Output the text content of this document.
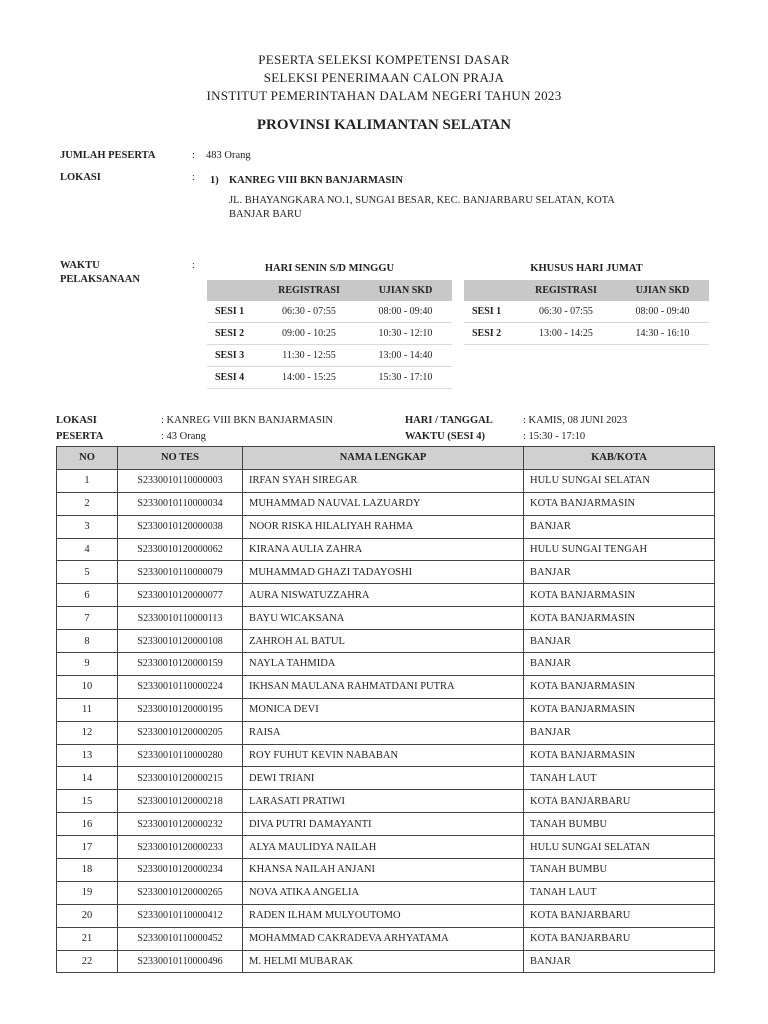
PESERTA SELEKSI KOMPETENSI DASAR
SELEKSI PENERIMAAN CALON PRAJA
INSTITUT PEMERINTAHAN DALAM NEGERI TAHUN 2023
PROVINSI KALIMANTAN SELATAN
JUMLAH PESERTA	: 483 Orang
LOKASI	: 1) KANREG VIII BKN BANJARMASIN
JL. BHAYANGKARA NO.1, SUNGAI BESAR, KEC. BANJARBARU SELATAN, KOTA
BANJAR BARU
WAKTU
PELAKSANAAN
:	HARI SENIN S/D MINGGU
	REGISTRASI	UJIAN SKD
SESI 1	06:30 - 07:55	08:00 - 09:40
SESI 2	09:00 - 10:25	10:30 - 12:10
SESI 3	11:30 - 12:55	13:00 - 14:40
SESI 4	14:00 - 15:25	15:30 - 17:10
KHUSUS HARI JUMAT
	REGISTRASI	UJIAN SKD
SESI 1	06:30 - 07:55	08:00 - 09:40
SESI 2	13:00 - 14:25	14:30 - 16:10
LOKASI	: KANREG VIII BKN BANJARMASIN
PESERTA	: 43 Orang
HARI / TANGGAL	: KAMIS, 08 JUNI 2023
WAKTU (SESI 4)	: 15:30 - 17:10
NO	NO TES	NAMA LENGKAP	KAB/KOTA
1	S2330010110000003	IRFAN SYAH SIREGAR	HULU SUNGAI SELATAN
2	S2330010110000034	MUHAMMAD NAUVAL LAZUARDY	KOTA BANJARMASIN
3	S2330010120000038	NOOR RISKA HILALIYAH RAHMA	BANJAR
4	S2330010120000062	KIRANA AULIA ZAHRA	HULU SUNGAI TENGAH
5	S2330010110000079	MUHAMMAD GHAZI TADAYOSHI	BANJAR
6	S2330010120000077	AURA NISWATUZZAHRA	KOTA BANJARMASIN
7	S2330010110000113	BAYU WICAKSANA	KOTA BANJARMASIN
8	S2330010120000108	ZAHROH AL BATUL	BANJAR
9	S2330010120000159	NAYLA TAHMIDA	BANJAR
10	S2330010110000224	IKHSAN MAULANA RAHMATDANI PUTRA	KOTA BANJARMASIN
11	S2330010120000195	MONICA DEVI	KOTA BANJARMASIN
12	S2330010120000205	RAISA	BANJAR
13	S2330010110000280	ROY FUHUT KEVIN NABABAN	KOTA BANJARMASIN
14	S2330010120000215	DEWI TRIANI	TANAH LAUT
15	S2330010120000218	LARASATI PRATIWI	KOTA BANJARBARU
16	S2330010120000232	DIVA PUTRI DAMAYANTI	TANAH BUMBU
17	S2330010120000233	ALYA MAULIDYA NAILAH	HULU SUNGAI SELATAN
18	S2330010120000234	KHANSA NAILAH ANJANI	TANAH BUMBU
19	S2330010120000265	NOVA ATIKA ANGELIA	TANAH LAUT
20	S2330010110000412	RADEN ILHAM MULYOUTOMO	KOTA BANJARBARU
21	S2330010110000452	MOHAMMAD CAKRADEVA ARHYATAMA	KOTA BANJARBARU
22	S2330010110000496	M. HELMI MUBARAK	BANJAR
